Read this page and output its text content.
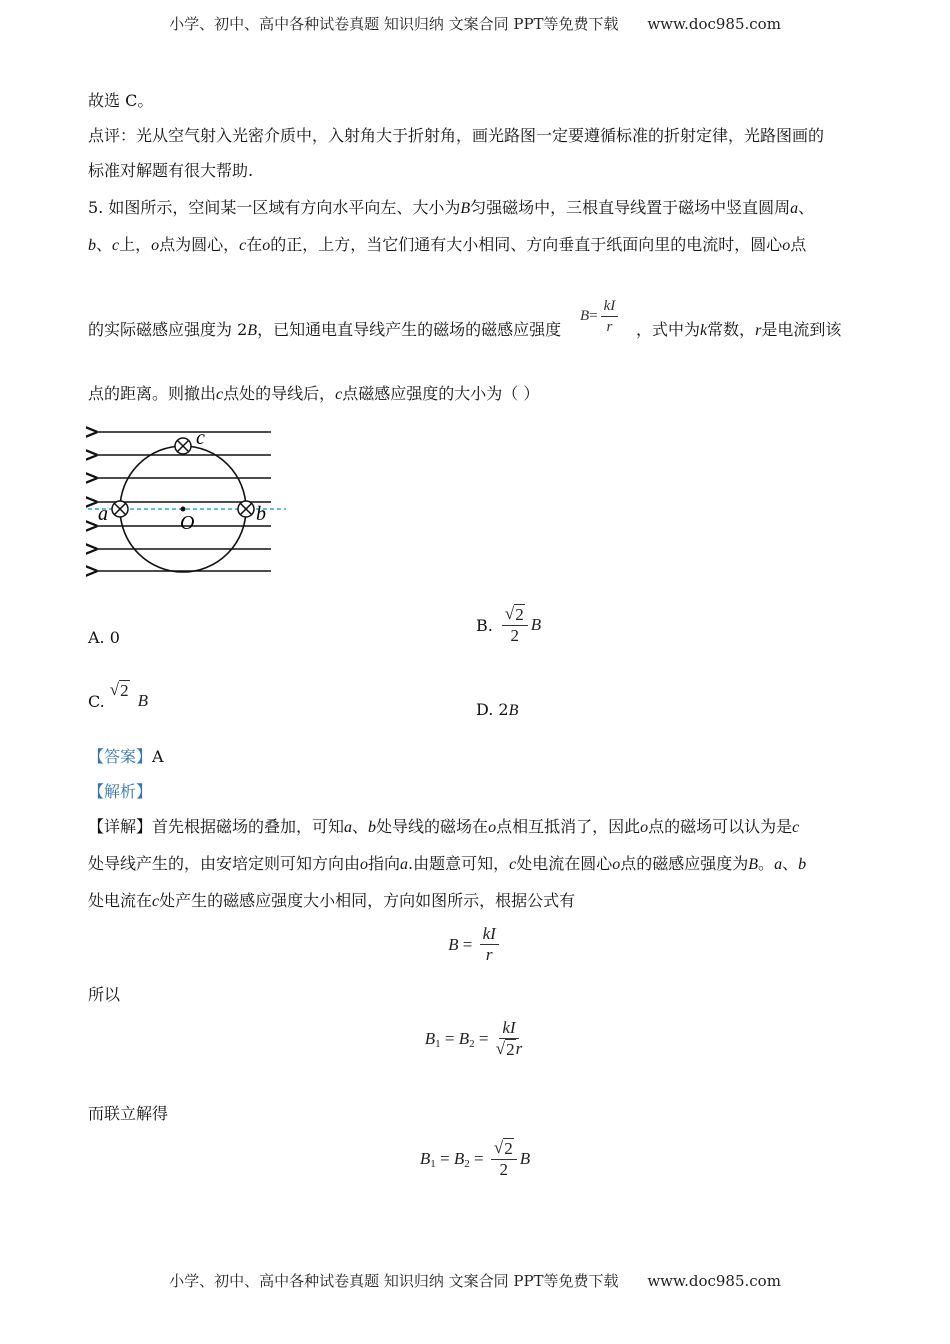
小学、初中、高中各种试卷真题 知识归纳 文案合同 PPT等免费下载 www.doc985.com
故选 C。
点评：光从空气射入光密介质中，入射角大于折射角，画光路图一定要遵循标准的折射定律，光路图画的
标准对解题有很大帮助.
5. 如图所示，空间某一区域有方向水平向左、大小为B匀强磁场中，三根直导线置于磁场中竖直圆周a、
b、c上，o点为圆心，c在o的正，上方，当它们通有大小相同、方向垂直于纸面向里的电流时，圆心o点
的实际磁感应强度为 2B，已知通电直导线产生的磁场的磁感应强度
$B = \frac{kI}{r}$ ，式中为k常数，r是电流到该
点的距离。则撤出c点处的导线后，c点磁感应强度的大小为（ ）
c
a	b
O
A. 0
B. $\frac{√ 2}{2}$ B
C.
√ 2
B	D. 2B
【答案】A
【解析】
【详解】首先根据磁场的叠加，可知a、b处导线的磁场在o点相互抵消了，因此o点的磁场可以认为是c
处导线产生的，由安培定则可知方向由o指向a.由题意可知，c处电流在圆心o点的磁感应强度为B。a、b
处电流在c处产生的磁感应强度大小相同，方向如图所示，根据公式有
$B = \frac{kI}{r}$
所以
B 1 = B $2 = \frac{kI}{√ 2 r}$
而联立解得
B 1 = B $2 = \frac{√ 2}{2}$ B
小学、初中、高中各种试卷真题 知识归纳 文案合同 PPT等免费下载 www.doc985.com
